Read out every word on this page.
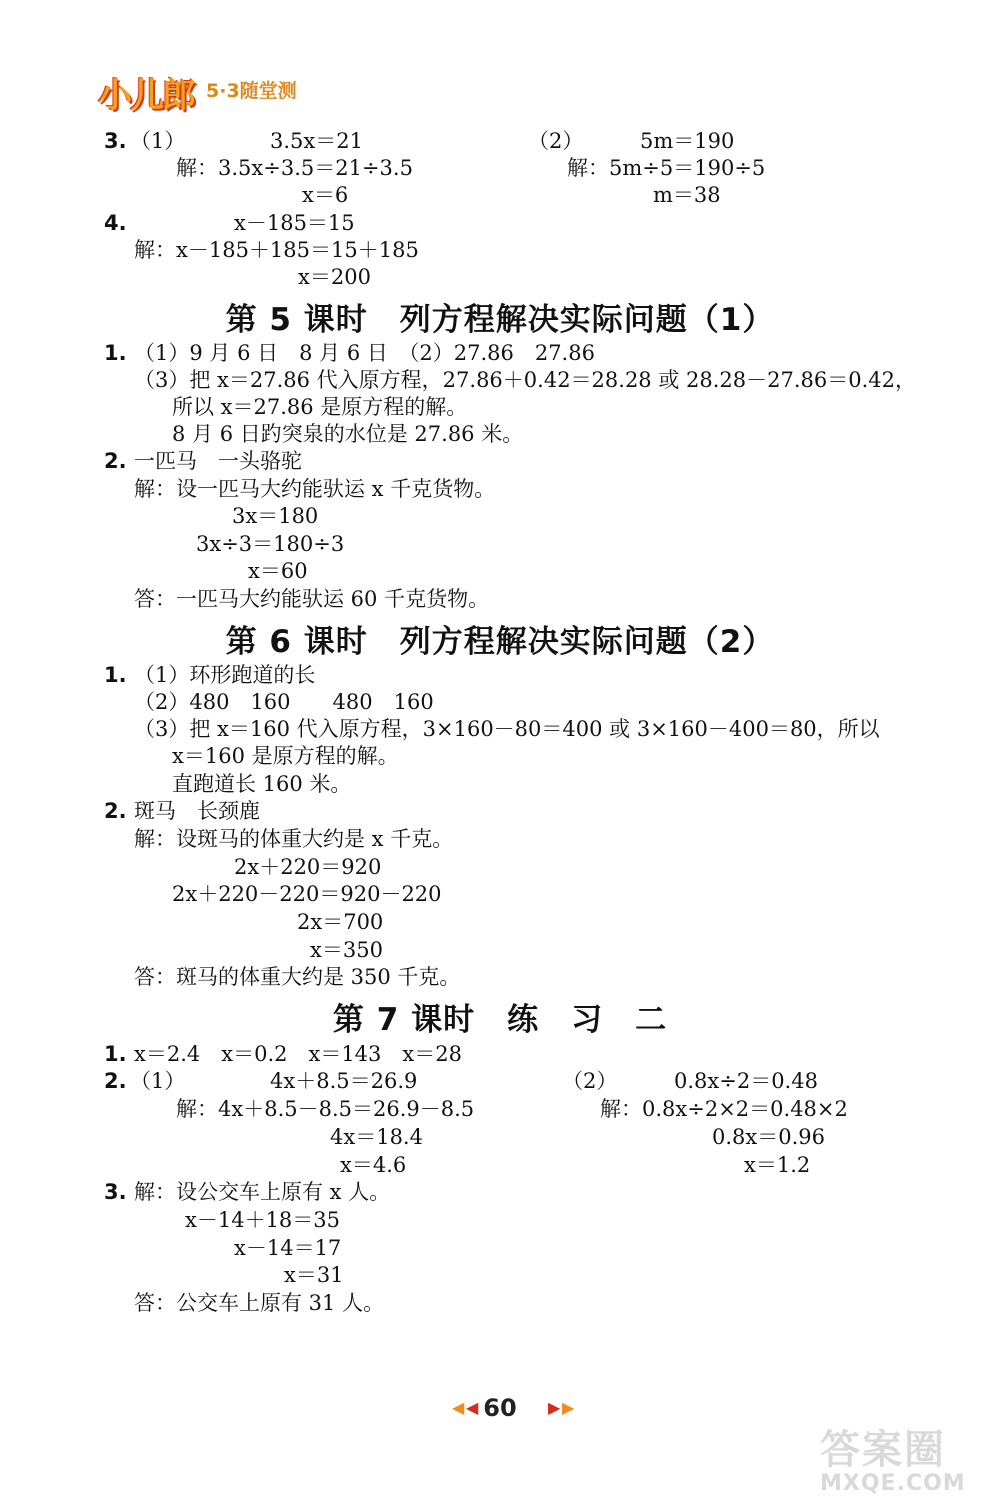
小儿郎 5·3随堂测
3. （1）	3.5x＝21
解：3.5x÷3.5＝21÷3.5
x＝6
（2）	5m＝190
解：5m÷5＝190÷5
m＝38
4.	x－185＝15
解：x－185＋185＝15＋185
x＝200
第 5 课时　列方程解决实际问题（1）
1. （1）9 月 6 日　8 月 6 日　（2）27.86　27.86
（3）把 x＝27.86 代入原方程，27.86＋0.42＝28.28 或 28.28－27.86＝0.42，
所以 x＝27.86 是原方程的解。
8 月 6 日趵突泉的水位是 27.86 米。
2. 一匹马　一头骆驼
解：设一匹马大约能驮运 x 千克货物。
3x＝180
3x÷3＝180÷3
x＝60
答：一匹马大约能驮运 60 千克货物。
第 6 课时　列方程解决实际问题（2）
1. （1）环形跑道的长
（2）480　160　　480　160
（3）把 x＝160 代入原方程，3×160－80＝400 或 3×160－400＝80，所以
x＝160 是原方程的解。
直跑道长 160 米。
2. 斑马　长颈鹿
解：设斑马的体重大约是 x 千克。
2x＋220＝920
2x＋220－220＝920－220
2x＝700
x＝350
答：斑马的体重大约是 350 千克。
第 7 课时　练　习　二
1. x＝2.4　x＝0.2　x＝143　x＝28
2. （1）	4x＋8.5＝26.9
解：4x＋8.5－8.5＝26.9－8.5
4x＝18.4
x＝4.6
（2）	0.8x÷2＝0.48
解：0.8x÷2×2＝0.48×2
0.8x＝0.96
x＝1.2
3. 解：设公交车上原有 x 人。
x－14＋18＝35
x－14＝17
x＝31
答：公交车上原有 31 人。
◀ ◀ 60	▶ ▶
答案圈
MXQE.COM
